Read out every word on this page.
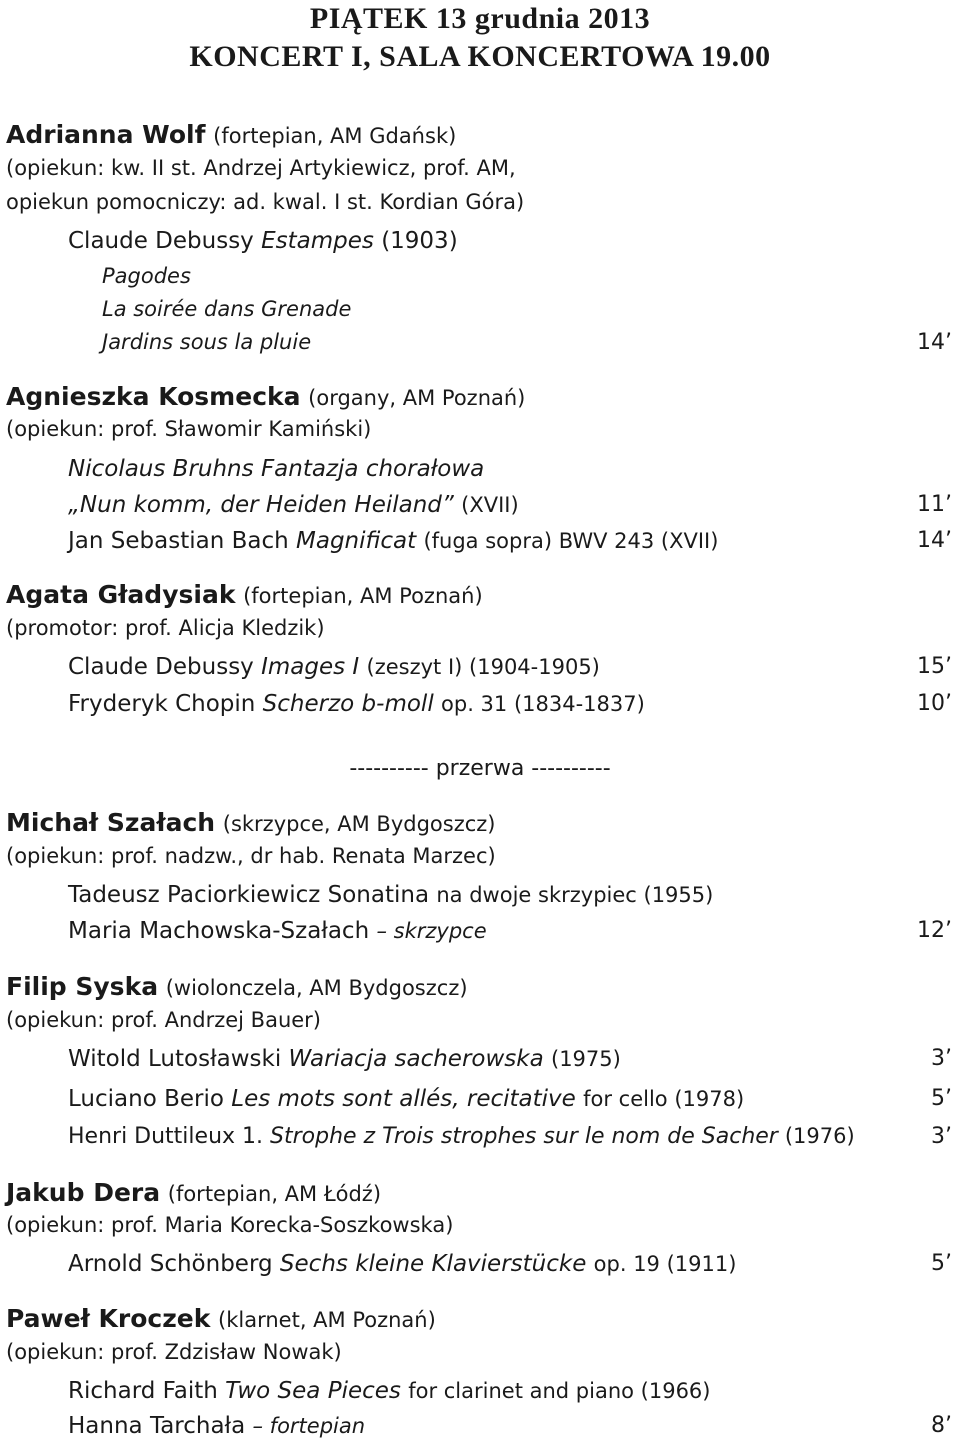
PIĄTEK 13 grudnia 2013
KONCERT I, SALA KONCERTOWA 19.00
Adrianna Wolf (fortepian, AM Gdańsk)
(opiekun: kw. II st. Andrzej Artykiewicz, prof. AM,
opiekun pomocniczy: ad. kwal. I st. Kordian Góra)
Claude Debussy Estampes (1903)
Pagodes
La soirée dans Grenade
Jardins sous la pluie	14’
Agnieszka Kosmecka (organy, AM Poznań)
(opiekun: prof. Sławomir Kamiński)
Nicolaus Bruhns Fantazja chorałowa
„Nun komm, der Heiden Heiland” (XVII)	11’
Jan Sebastian Bach Magnificat (fuga sopra) BWV 243 (XVII)	14’
Agata Gładysiak (fortepian, AM Poznań)
(promotor: prof. Alicja Kledzik)
Claude Debussy Images I (zeszyt I) (1904-1905)	15’
Fryderyk Chopin Scherzo b-moll op. 31 (1834-1837)	10’
---------- przerwa ----------
Michał Szałach (skrzypce, AM Bydgoszcz)
(opiekun: prof. nadzw., dr hab. Renata Marzec)
Tadeusz Paciorkiewicz Sonatina na dwoje skrzypiec (1955)
Maria Machowska-Szałach – skrzypce	12’
Filip Syska (wiolonczela, AM Bydgoszcz)
(opiekun: prof. Andrzej Bauer)
Witold Lutosławski Wariacja sacherowska (1975)	3’
Luciano Berio Les mots sont allés, recitative for cello (1978)	5’
Henri Duttileux 1. Strophe z Trois strophes sur le nom de Sacher (1976)	3’
Jakub Dera (fortepian, AM Łódź)
(opiekun: prof. Maria Korecka-Soszkowska)
Arnold Schönberg Sechs kleine Klavierstücke op. 19 (1911)	5’
Paweł Kroczek (klarnet, AM Poznań)
(opiekun: prof. Zdzisław Nowak)
Richard Faith Two Sea Pieces for clarinet and piano (1966)
Hanna Tarchała – fortepian	8’
